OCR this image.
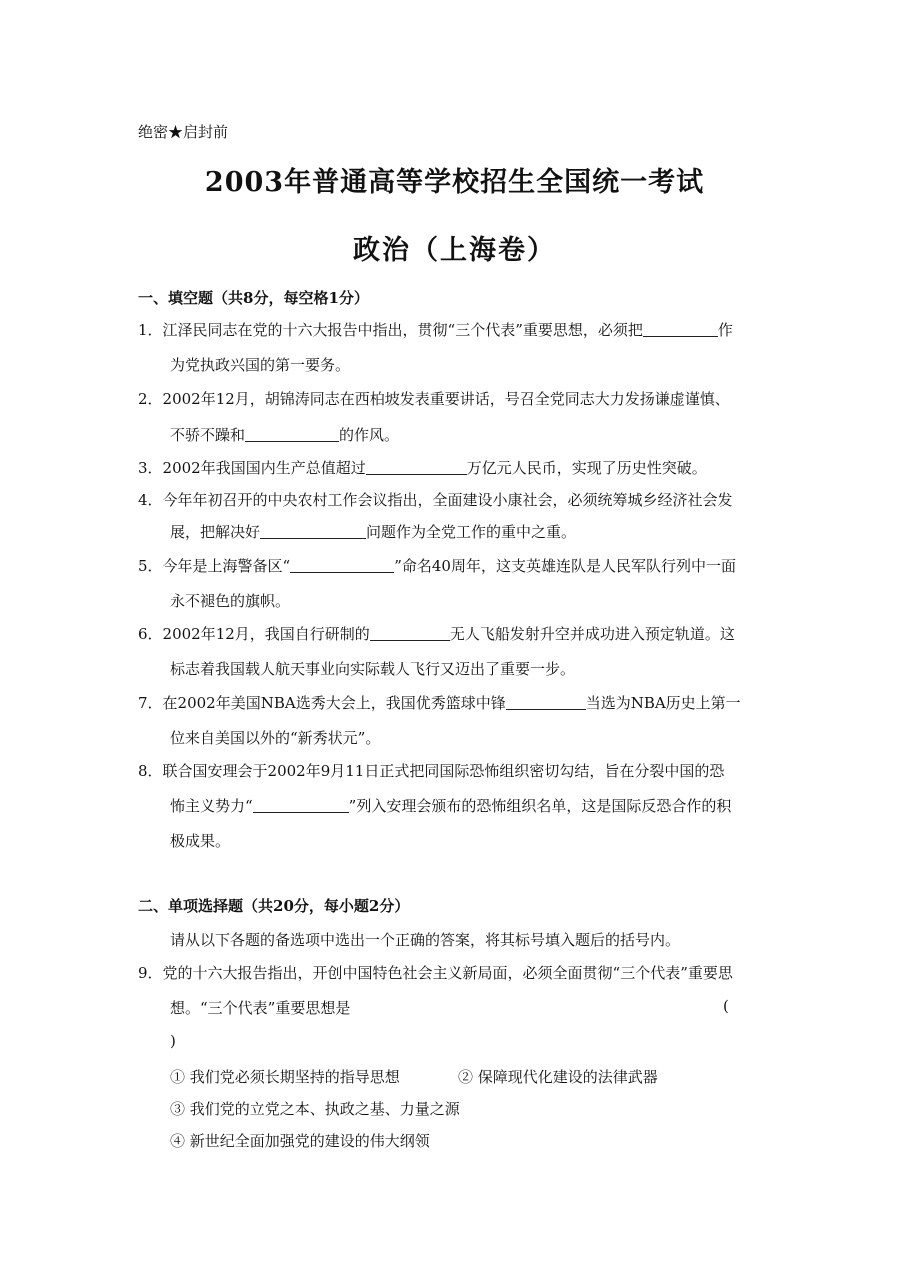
绝密★启封前
2003年普通高等学校招生全国统一考试
政治（上海卷）
一、填空题（共8分，每空格1分）
1．江泽民同志在党的十六大报告中指出，贯彻“三个代表”重要思想，必须把	作
为党执政兴国的第一要务。
2．2002年12月，胡锦涛同志在西柏坡发表重要讲话，号召全党同志大力发扬谦虚谨慎、
不骄不躁和	的作风。
3．2002年我国国内生产总值超过	万亿元人民币，实现了历史性突破。
4．今年年初召开的中央农村工作会议指出，全面建设小康社会，必须统筹城乡经济社会发
展，把解决好	问题作为全党工作的重中之重。
5．今年是上海警备区“	”命名40周年，这支英雄连队是人民军队行列中一面
永不褪色的旗帜。
6．2002年12月，我国自行研制的	无人飞船发射升空并成功进入预定轨道。这
标志着我国载人航天事业向实际载人飞行又迈出了重要一步。
7．在2002年美国NBA选秀大会上，我国优秀篮球中锋	当选为NBA历史上第一
位来自美国以外的“新秀状元”。
8．联合国安理会于2002年9月11日正式把同国际恐怖组织密切勾结，旨在分裂中国的恐
怖主义势力“	”列入安理会颁布的恐怖组织名单，这是国际反恐合作的积
极成果。
二、单项选择题（共20分，每小题2分）
请从以下各题的备选项中选出一个正确的答案，将其标号填入题后的括号内。
9．党的十六大报告指出，开创中国特色社会主义新局面，必须全面贯彻“三个代表”重要思
想。“三个代表”重要思想是	(
)
① 我们党必须长期坚持的指导思想	② 保障现代化建设的法律武器
③ 我们党的立党之本、执政之基、力量之源
④ 新世纪全面加强党的建设的伟大纲领
